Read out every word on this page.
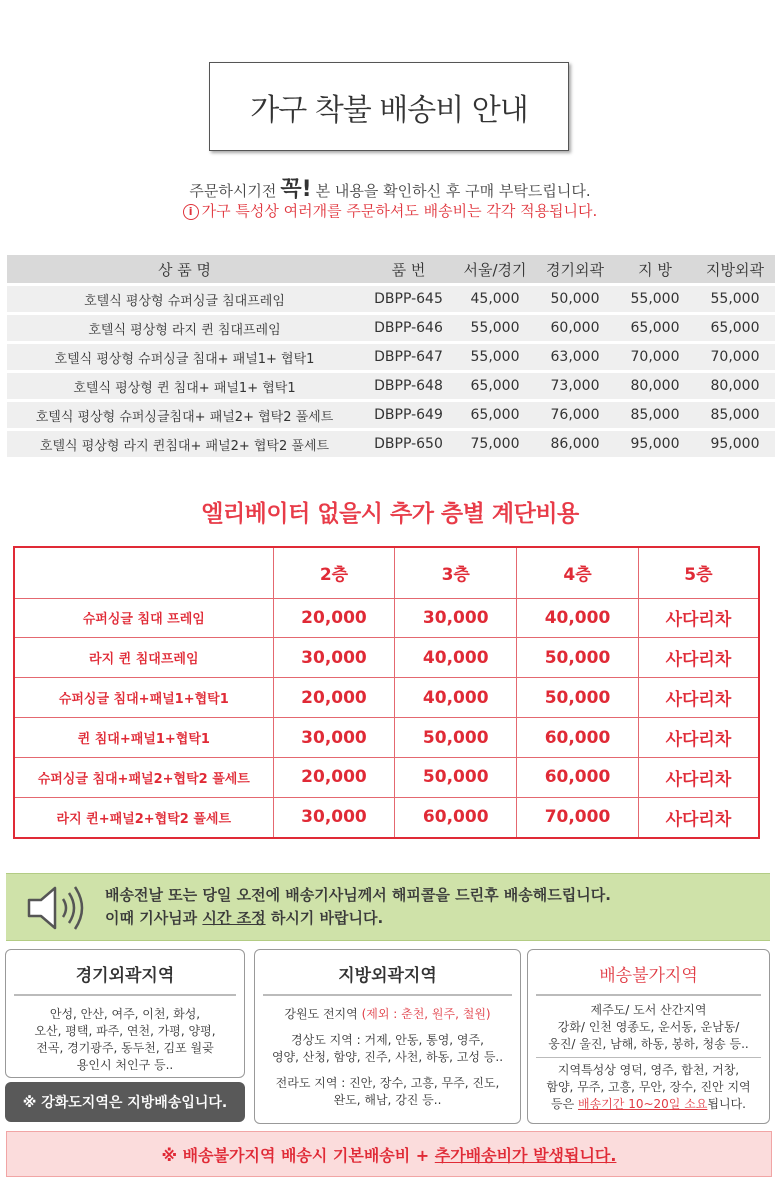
가구 착불 배송비 안내
주문하시기전 꼭! 본 내용을 확인하신 후 구매 부탁드립니다.
i 가구 특성상 여러개를 주문하셔도 배송비는 각각 적용됩니다.
상 품 명	품 번	서울/경기	경기외곽	지 방	지방외곽
호텔식 평상형 슈퍼싱글 침대프레임	DBPP-645	45,000	50,000	55,000	55,000
호텔식 평상형 라지 퀸 침대프레임	DBPP-646	55,000	60,000	65,000	65,000
호텔식 평상형 슈퍼싱글 침대+ 패널1+ 협탁1	DBPP-647	55,000	63,000	70,000	70,000
호텔식 평상형 퀸 침대+ 패널1+ 협탁1	DBPP-648	65,000	73,000	80,000	80,000
호텔식 평상형 슈퍼싱글침대+ 패널2+ 협탁2 풀세트	DBPP-649	65,000	76,000	85,000	85,000
호텔식 평상형 라지 퀸침대+ 패널2+ 협탁2 풀세트	DBPP-650	75,000	86,000	95,000	95,000
엘리베이터 없을시 추가 층별 계단비용
	2층	3층	4층	5층
슈퍼싱글 침대 프레임	20,000	30,000	40,000	사다리차
라지 퀸 침대프레임	30,000	40,000	50,000	사다리차
슈퍼싱글 침대+패널1+협탁1	20,000	40,000	50,000	사다리차
퀸 침대+패널1+협탁1	30,000	50,000	60,000	사다리차
슈퍼싱글 침대+패널2+협탁2 풀세트	20,000	50,000	60,000	사다리차
라지 퀸+패널2+협탁2 풀세트	30,000	60,000	70,000	사다리차
배송전날 또는 당일 오전에 배송기사님께서 해피콜을 드린후 배송해드립니다.
이때 기사님과 시간 조정 하시기 바랍니다.
경기외곽지역

안성, 안산, 여주, 이천, 화성,

오산, 평택, 파주, 연천, 가평, 양평,

전곡, 경기광주, 동두천, 김포 월곶

용인시 처인구 등..

※ 강화도지역은 지방배송입니다.
지방외곽지역

강원도 전지역 (제외 : 춘천, 원주, 철원)

경상도 지역 : 거제, 안동, 통영, 영주,

영양, 산청, 함양, 진주, 사천, 하동, 고성 등..

전라도 지역 : 진안, 장수, 고흥, 무주, 진도,

완도, 해남, 강진 등..

배송불가지역

제주도/ 도서 산간지역

강화/ 인천 영종도, 운서동, 운남동/

웅진/ 울진, 남해, 하동, 봉하, 청송 등..

지역특성상 영덕, 영주, 합천, 거창,

함양, 무주, 고흥, 무안, 장수, 진안 지역

등은 배송기간 10~20일 소요됩니다.

※ 배송불가지역 배송시 기본배송비 +
추가배송비가 발생됩니다.
